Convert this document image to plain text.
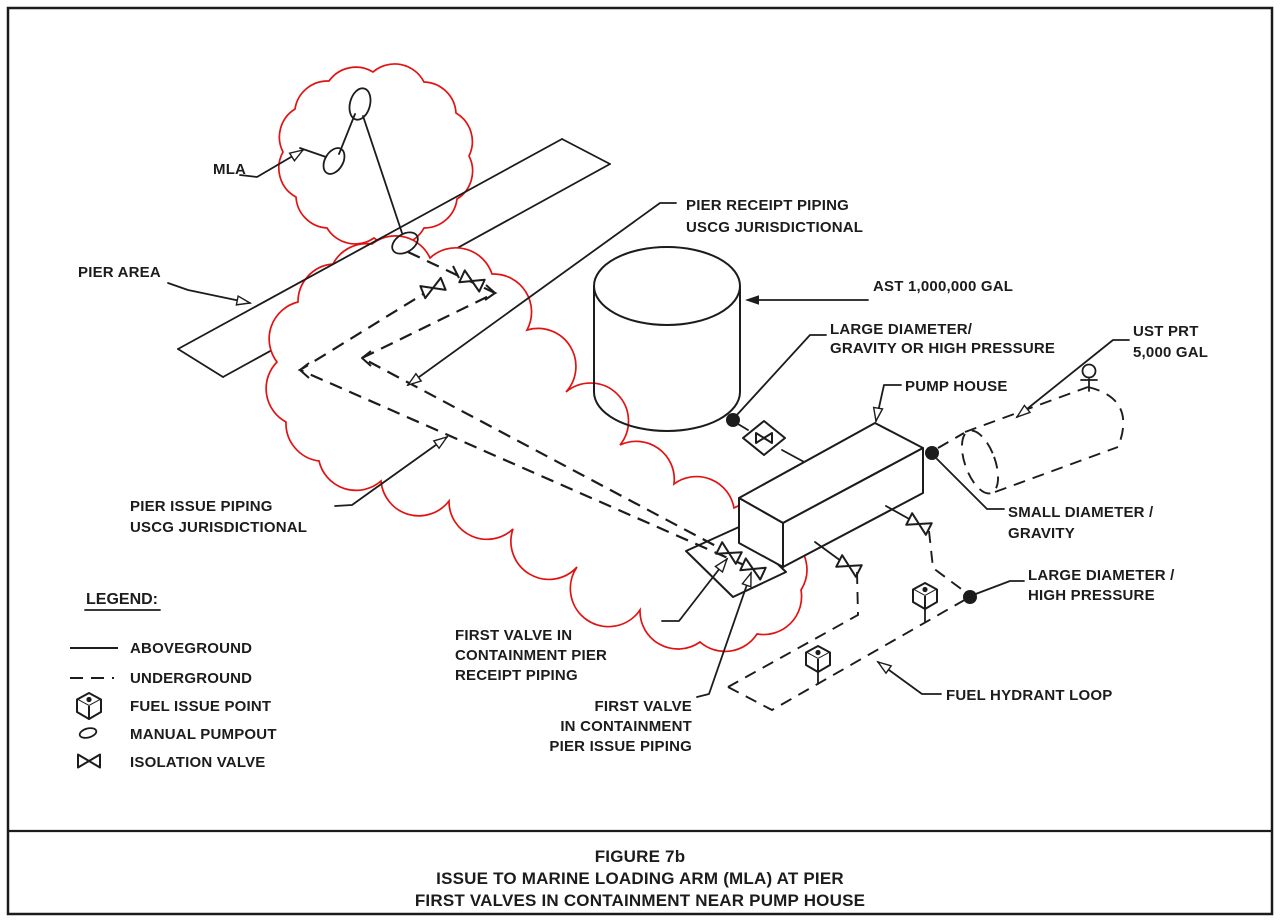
MLA
PIER AREA
PIER RECEIPT PIPING
USCG JURISDICTIONAL
AST 1,000,000 GAL
LARGE DIAMETER/
GRAVITY OR HIGH PRESSURE
PUMP HOUSE
UST PRT
5,000 GAL
SMALL DIAMETER /
GRAVITY
LARGE DIAMETER /
HIGH PRESSURE
FUEL HYDRANT LOOP
PIER ISSUE PIPING
USCG JURISDICTIONAL
FIRST VALVE IN
CONTAINMENT PIER
RECEIPT PIPING
FIRST VALVE
IN CONTAINMENT
PIER ISSUE PIPING
LEGEND:
ABOVEGROUND
UNDERGROUND
FUEL ISSUE POINT
MANUAL PUMPOUT
ISOLATION VALVE
FIGURE 7b
ISSUE TO MARINE LOADING ARM (MLA) AT PIER
FIRST VALVES IN CONTAINMENT NEAR PUMP HOUSE
